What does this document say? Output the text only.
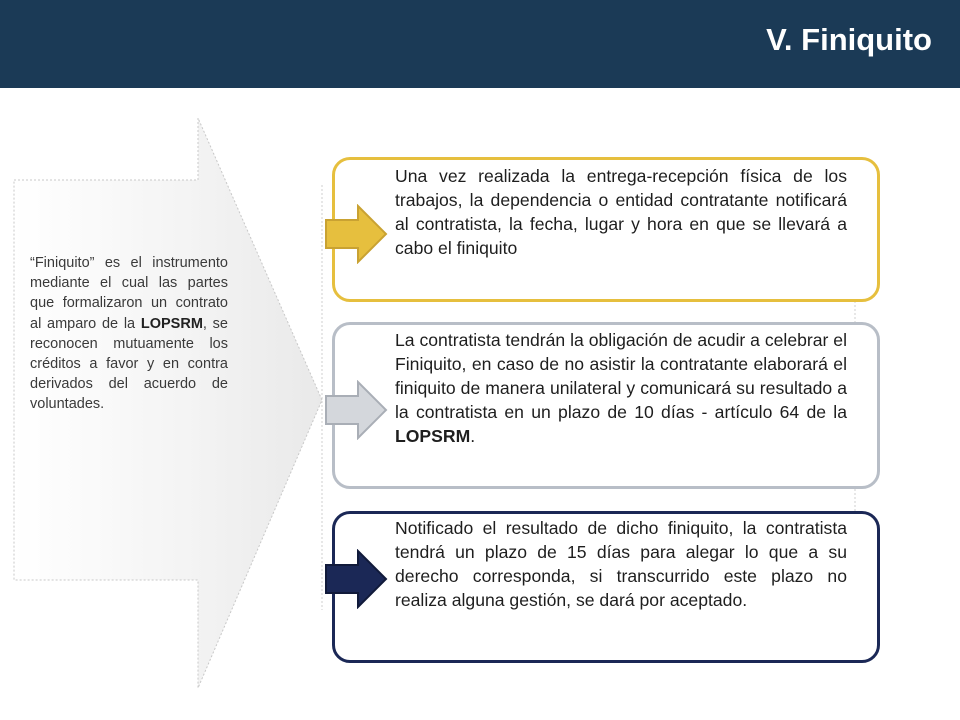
V. Finiquito
“Finiquito” es el instrumento mediante el cual las partes que formalizaron un contrato al amparo de la LOPSRM, se reconocen mutuamente los créditos a favor y en contra derivados del acuerdo de voluntades.
Una vez realizada la entrega-recepción física de los trabajos, la dependencia o entidad contratante notificará al contratista, la fecha, lugar y hora en que se llevará a cabo el finiquito
La contratista tendrán la obligación de acudir a celebrar el Finiquito, en caso de no asistir la contratante elaborará el finiquito de manera unilateral y comunicará su resultado a la contratista en un plazo de 10 días - artículo 64 de la LOPSRM.
Notificado el resultado de dicho finiquito, la contratista tendrá un plazo de 15 días para alegar lo que a su derecho corresponda, si transcurrido este plazo no realiza alguna gestión, se dará por aceptado.
